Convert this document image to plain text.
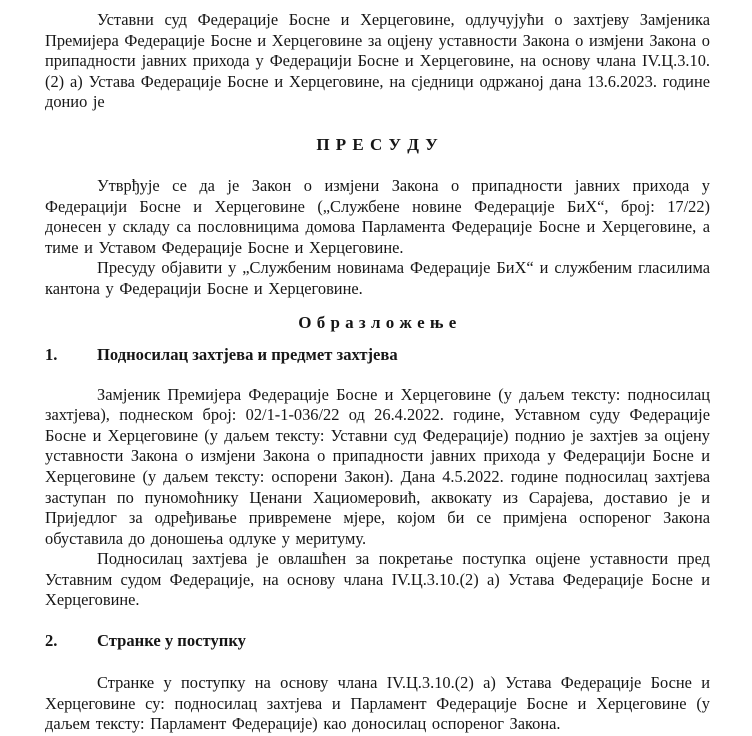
Уставни суд Федерације Босне и Херцеговине, одлучујући о захтјеву Замјеника Премијера Федерације Босне и Херцеговине за оцјену уставности Закона о измјени Закона о припадности јавних прихода у Федерацији Босне и Херцеговине, на основу члана IV.Ц.3.10.(2) а) Устава Федерације Босне и Херцеговине, на сједници одржаној дана 13.6.2023. године донио је

П Р Е С У Д У

Утврђује се да је Закон о измјени Закона о припадности јавних прихода у Федерацији Босне и Херцеговине („Службене новине Федерације БиХ“, број: 17/22) донесен у складу са пословницима домова Парламента Федерације Босне и Херцеговине, а тиме и Уставом Федерације Босне и Херцеговине.

Пресуду објавити у „Службеним новинама Федерације БиХ“ и службеним гласилима кантона у Федерацији Босне и Херцеговине.

О б р а з л о ж е њ е

1.	Подносилац захтјева и предмет захтјева

Замјеник Премијера Федерације Босне и Херцеговине (у даљем тексту: подносилац захтјева), поднеском број: 02/1-1-036/22 од 26.4.2022. године, Уставном суду Федерације Босне и Херцеговине (у даљем тексту: Уставни суд Федерације) поднио је захтјев за оцјену уставности Закона о измјени Закона о припадности јавних прихода у Федерацији Босне и Херцеговине (у даљем тексту: оспорени Закон). Дана 4.5.2022. године подносилац захтјева заступан по пуномоћнику Ценани Хациомеровић, аквокату из Сарајева, доставио је и Приједлог за одређивање привремене мјере, којом би се примјена оспореног Закона обуставила до доношења одлуке у меритуму.

Подносилац захтјева је овлашћен за покретање поступка оцјене уставности пред Уставним судом Федерације, на основу члана IV.Ц.3.10.(2) а) Устава Федерације Босне и Херцеговине.

2.	Странке у поступку

Странке у поступку на основу члана IV.Ц.3.10.(2) а) Устава Федерације Босне и Херцеговине су: подносилац захтјева и Парламент Федерације Босне и Херцеговине (у даљем тексту: Парламент Федерације) као доносилац оспореног Закона.
